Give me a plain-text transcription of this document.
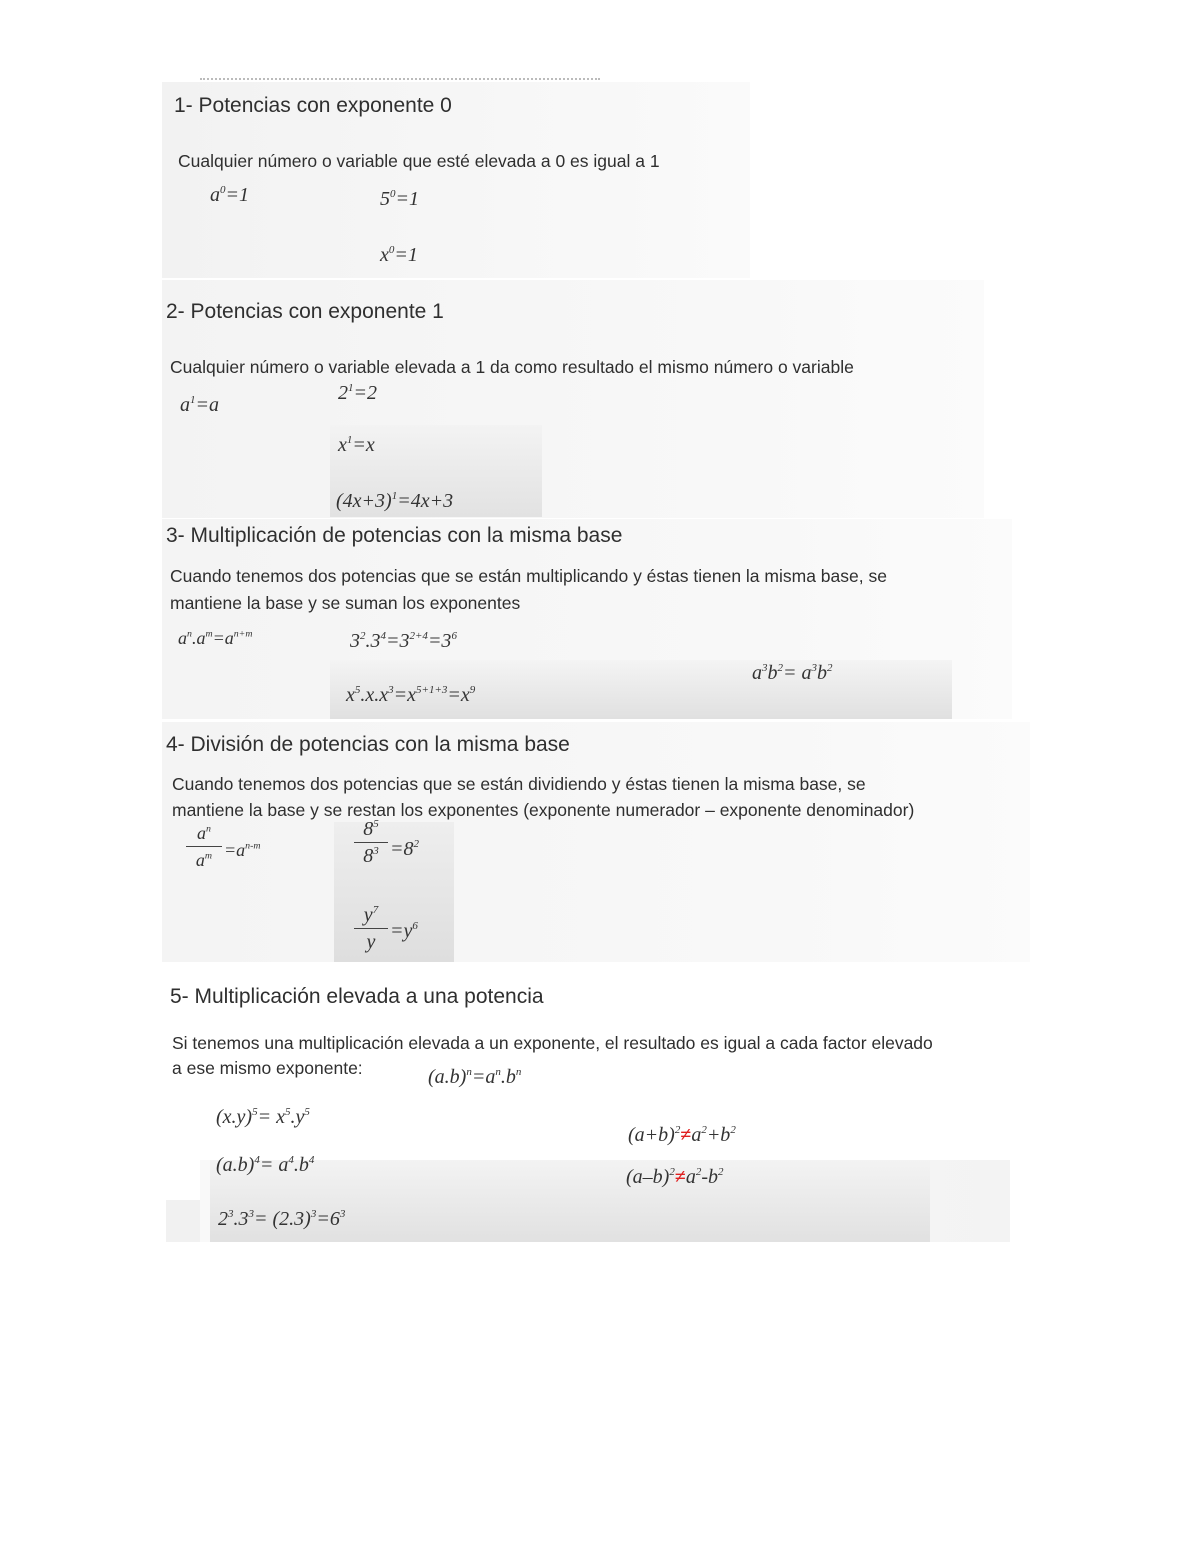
1- Potencias con exponente 0
Cualquier número o variable que esté elevada a 0 es igual a 1
$a^0=1$	$5^0=1$
$x^0=1$
2- Potencias con exponente 1
Cualquier número o variable elevada a 1 da como resultado el mismo número o variable
$a^1=a$
$2^1=2$
$x^1=x$
$(4x+3)^1=4x+3$
3- Multiplicación de potencias con la misma base
Cuando tenemos dos potencias que se están multiplicando y éstas tienen la misma base, se
mantiene la base y se suman los exponentes
$a^n.a^m=a^{n+m}$	$3^2.3^4=3^{2+4}=3^6$
$x^5.x.x^3=x^{5+1+3}=x^9$
$a^3b^2= a^3b^2$
4- División de potencias con la misma base
Cuando tenemos dos potencias que se están dividiendo y éstas tienen la misma base, se
mantiene la base y se restan los exponentes (exponente numerador – exponente denominador)
$a^n$
$a^m =a^{n-m}$
$8^5$
$8^3 =8^2$
$y^7$
$y =y^6$
5- Multiplicación elevada a una potencia
Si tenemos una multiplicación elevada a un exponente, el resultado es igual a cada factor elevado
a ese mismo exponente:	$(a.b)^n=a^n.b^n$
$(x.y)^5= x^5.y^5$
$(a.b)^4= a^4.b^4$
$2^3.3^3= (2.3)^3=6^3$
$(a+b)^2\ne a^2+b^2$
$(a-b)^2\ne a^2-b^2$
